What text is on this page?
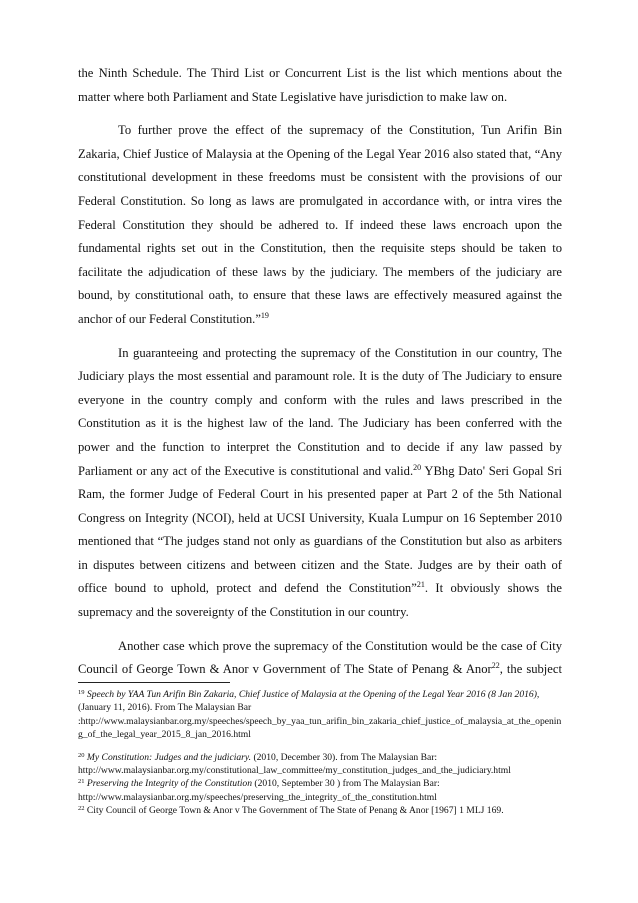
the Ninth Schedule. The Third List or Concurrent List is the list which mentions about the
matter where both Parliament and State Legislative have jurisdiction to make law on.

To further prove the effect of the supremacy of the Constitution, Tun Arifin Bin
Zakaria, Chief Justice of Malaysia at the Opening of the Legal Year 2016 also stated that, “Any
constitutional development in these freedoms must be consistent with the provisions of our
Federal Constitution. So long as laws are promulgated in accordance with, or intra vires the
Federal Constitution they should be adhered to. If indeed these laws encroach upon the
fundamental rights set out in the Constitution, then the requisite steps should be taken to
facilitate the adjudication of these laws by the judiciary. The members of the judiciary are
bound, by constitutional oath, to ensure that these laws are effectively measured against the
anchor of our Federal Constitution.”$^{19}$

In guaranteeing and protecting the supremacy of the Constitution in our country, The
Judiciary plays the most essential and paramount role. It is the duty of The Judiciary to ensure
everyone in the country comply and conform with the rules and laws prescribed in the
Constitution as it is the highest law of the land. The Judiciary has been conferred with the
power and the function to interpret the Constitution and to decide if any law passed by
Parliament or any act of the Executive is constitutional and valid.$^{20}$ YBhg Dato' Seri Gopal Sri
Ram, the former Judge of Federal Court in his presented paper at Part 2 of the 5th National
Congress on Integrity (NCOI), held at UCSI University, Kuala Lumpur on 16 September 2010
mentioned that “The judges stand not only as guardians of the Constitution but also as arbiters
in disputes between citizens and between citizen and the State. Judges are by their oath of
office bound to uphold, protect and defend the Constitution”$^{21}$. It obviously shows the
supremacy and the sovereignty of the Constitution in our country.

Another case which prove the supremacy of the Constitution would be the case of City
Council of George Town & Anor v Government of The State of Penang & Anor$^{22}$, the subject

$^{19}$ Speech by YAA Tun Arifin Bin Zakaria, Chief Justice of Malaysia at the Opening of the Legal Year 2016 (8 Jan 2016), (January 11, 2016). From The Malaysian Bar
:http://www.malaysianbar.org.my/speeches/speech_by_yaa_tun_arifin_bin_zakaria_chief_justice_of_malaysia_at_the_opening_of_the_legal_year_2015_8_jan_2016.html

$^{20}$ My Constitution: Judges and the judiciary. (2010, December 30). from The Malaysian Bar:
http://www.malaysianbar.org.my/constitutional_law_committee/my_constitution_judges_and_the_judiciary.html

$^{21}$ Preserving the Integrity of the Constitution (2010, September 30 ) from The Malaysian Bar:
http://www.malaysianbar.org.my/speeches/preserving_the_integrity_of_the_constitution.html

$^{22}$ City Council of George Town & Anor v The Government of The State of Penang & Anor [1967] 1 MLJ 169.
